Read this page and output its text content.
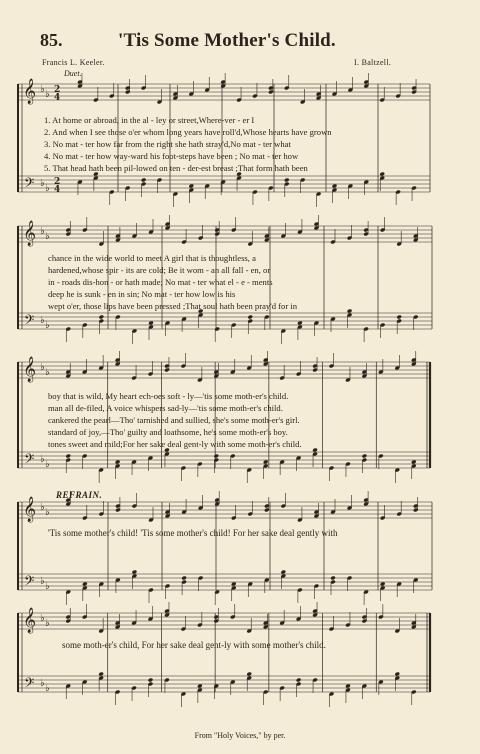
𝄞
𝄢
♭ ♭
♭ ♭
2
4
2
4
𝄞
𝄢
♭ ♭
♭ ♭
𝄞
𝄢
♭ ♭
♭ ♭
𝄞
𝄢
♭ ♭
♭ ♭
𝄞
𝄢
♭ ♭
♭ ♭
85.	'Tis Some Mother's Child.
Francis L. Keeler.	I. Baltzell.
Duet.
1. At home or abroad, in the al - ley or street,Where-ver - er I
2. And when I see those o'er whom long years have roll'd,Whose hearts have grown
3. No mat - ter how far from the right she hath stray'd,No mat - ter what
4. No mat - ter how way-ward his foot-steps have been ; No mat - ter how
5. That head hath been pil-lowed on ten - der-est breast ;That form hath been
chance in the wide world to meet A girl that is thoughtless, a
hardened,whose spir - its are cold; Be it wom - an all fall - en, or
in - roads dis-hon - or hath made; No mat - ter what el - e - ments
deep he is sunk - en in sin; No mat - ter how low is his
wept o'er, those lips have been pressed ;That soul hath been pray'd for in
boy that is wild, My heart ech-oes soft - ly—'tis some moth-er's child.
man all de-filed, A voice whispers sad-ly—'tis some moth-er's child.
cankered the pearl—Tho' tarnished and sullied, she's some moth-er's girl.
standard of joy,—Tho' guilty and loathsome, he's some moth-er's boy.
tones sweet and mild;For her sake deal gent-ly with some moth-er's child.
REFRAIN.
'Tis some mother's child! 'Tis some mother's child! For her sake deal gently with
some moth-er's child, For her sake deal gent-ly with some mother's child.
From "Holy Voices," by per.
